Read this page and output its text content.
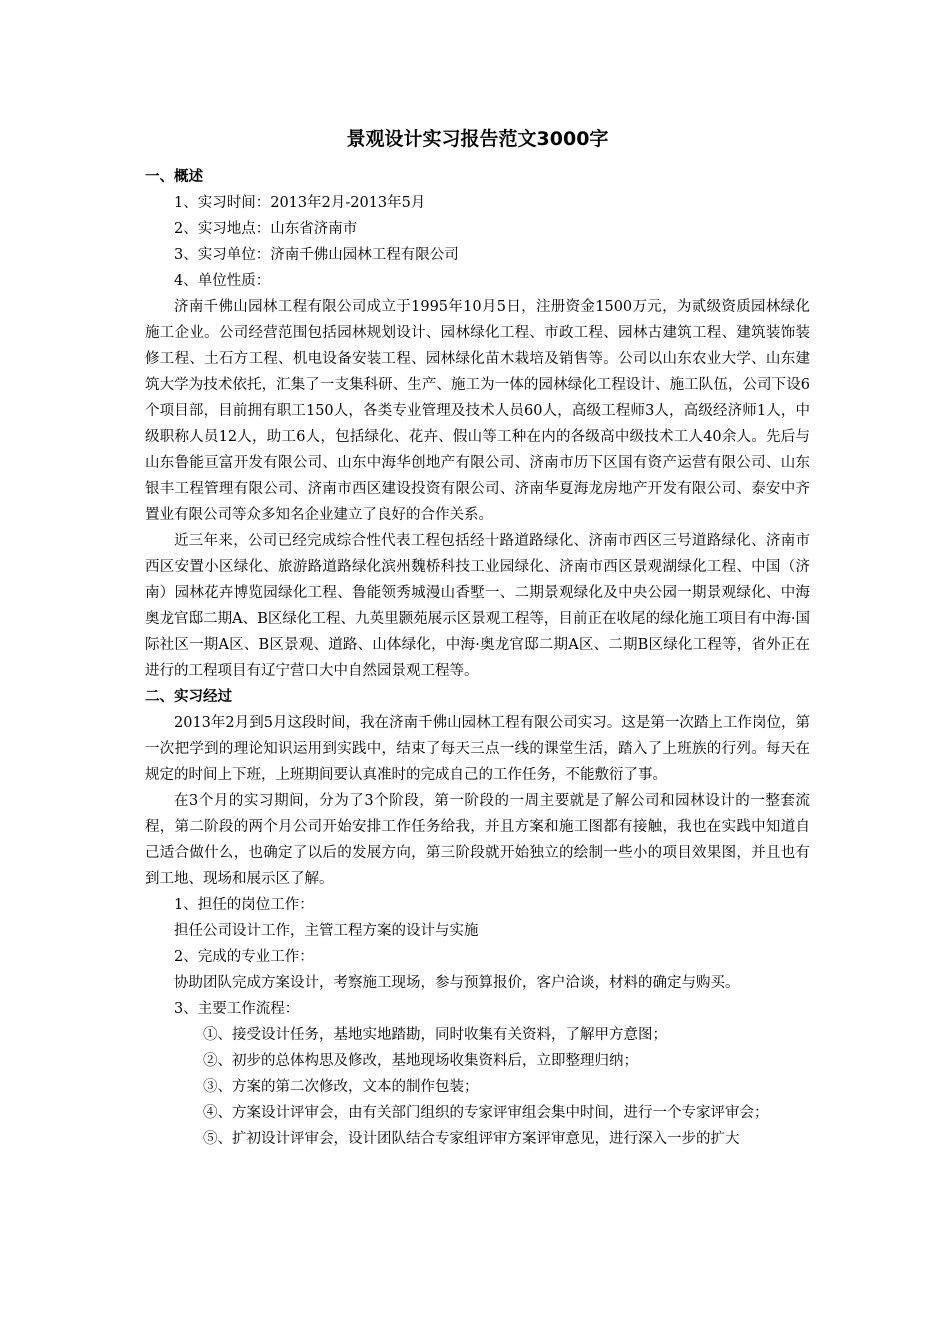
景观设计实习报告范文3000字
一、概述
1、实习时间：2013年2月-2013年5月
2、实习地点：山东省济南市
3、实习单位：济南千佛山园林工程有限公司
4、单位性质：

济南千佛山园林工程有限公司成立于1995年10月5日，注册资金1500万元，为贰级资质园林绿化施工企业。公司经营范围包括园林规划设计、园林绿化工程、市政工程、园林古建筑工程、建筑装饰装修工程、土石方工程、机电设备安装工程、园林绿化苗木栽培及销售等。公司以山东农业大学、山东建筑大学为技术依托，汇集了一支集科研、生产、施工为一体的园林绿化工程设计、施工队伍，公司下设6个项目部，目前拥有职工150人，各类专业管理及技术人员60人，高级工程师3人，高级经济师1人，中级职称人员12人，助工6人，包括绿化、花卉、假山等工种在内的各级高中级技术工人40余人。先后与山东鲁能亘富开发有限公司、山东中海华创地产有限公司、济南市历下区国有资产运营有限公司、山东银丰工程管理有限公司、济南市西区建设投资有限公司、济南华夏海龙房地产开发有限公司、泰安中齐置业有限公司等众多知名企业建立了良好的合作关系。

近三年来，公司已经完成综合性代表工程包括经十路道路绿化、济南市西区三号道路绿化、济南市西区安置小区绿化、旅游路道路绿化滨州魏桥科技工业园绿化、济南市西区景观湖绿化工程、中国（济南）园林花卉博览园绿化工程、鲁能领秀城漫山香墅一、二期景观绿化及中央公园一期景观绿化、中海奥龙官邸二期A、B区绿化工程、九英里颢苑展示区景观工程等，目前正在收尾的绿化施工项目有中海·国际社区一期A区、B区景观、道路、山体绿化，中海·奥龙官邸二期A区、二期B区绿化工程等，省外正在进行的工程项目有辽宁营口大中自然园景观工程等。

二、实习经过

2013年2月到5月这段时间，我在济南千佛山园林工程有限公司实习。这是第一次踏上工作岗位，第一次把学到的理论知识运用到实践中，结束了每天三点一线的课堂生活，踏入了上班族的行列。每天在规定的时间上下班，上班期间要认真准时的完成自己的工作任务，不能敷衍了事。

在3个月的实习期间，分为了3个阶段，第一阶段的一周主要就是了解公司和园林设计的一整套流程，第二阶段的两个月公司开始安排工作任务给我，并且方案和施工图都有接触，我也在实践中知道自己适合做什么，也确定了以后的发展方向，第三阶段就开始独立的绘制一些小的项目效果图，并且也有到工地、现场和展示区了解。

1、担任的岗位工作：
担任公司设计工作，主管工程方案的设计与实施
2、完成的专业工作：
协助团队完成方案设计，考察施工现场，参与预算报价，客户洽谈，材料的确定与购买。
3、主要工作流程：
①、接受设计任务，基地实地踏勘，同时收集有关资料，了解甲方意图；
②、初步的总体构思及修改，基地现场收集资料后，立即整理归纳；
③、方案的第二次修改，文本的制作包装；

④、方案设计评审会，由有关部门组织的专家评审组会集中时间，进行一个专家评审会；

⑤、扩初设计评审会，设计团队结合专家组评审方案评审意见，进行深入一步的扩大
